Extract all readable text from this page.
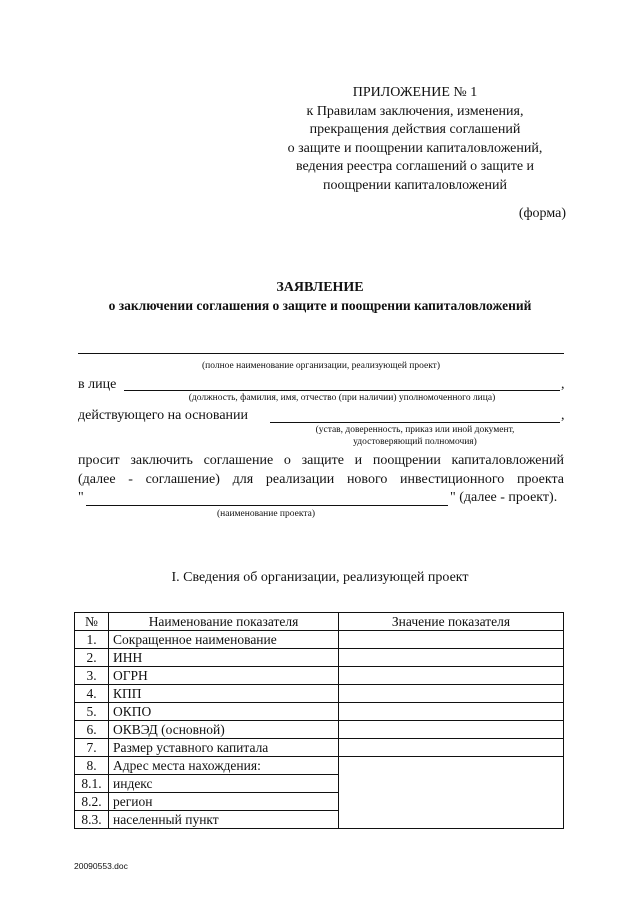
ПРИЛОЖЕНИЕ № 1
к Правилам заключения, изменения,
прекращения действия соглашений
о защите и поощрении капиталовложений,
ведения реестра соглашений о защите и
поощрении капиталовложений
(форма)
ЗАЯВЛЕНИЕ
о заключении соглашения о защите и поощрении капиталовложений
(полное наименование организации, реализующей проект)
в лице	,
(должность, фамилия, имя, отчество (при наличии) уполномоченного лица)
действующего на основании	,
(устав, доверенность, приказ или иной документ,
удостоверяющий полномочия)
просит заключить соглашение о защите и поощрении капиталовложений
(далее - соглашение) для реализации нового инвестиционного проекта
"	" (далее - проект).
(наименование проекта)
I. Сведения об организации, реализующей проект
№	Наименование показателя	Значение показателя
1.	Сокращенное наименование	
2.	ИНН	
3.	ОГРН	
4.	КПП	
5.	ОКПО	
6.	ОКВЭД (основной)	
7.	Размер уставного капитала	
8.	Адрес места нахождения:	
8.1.	индекс	
8.2.	регион	
8.3.	населенный пункт	
20090553.doc
